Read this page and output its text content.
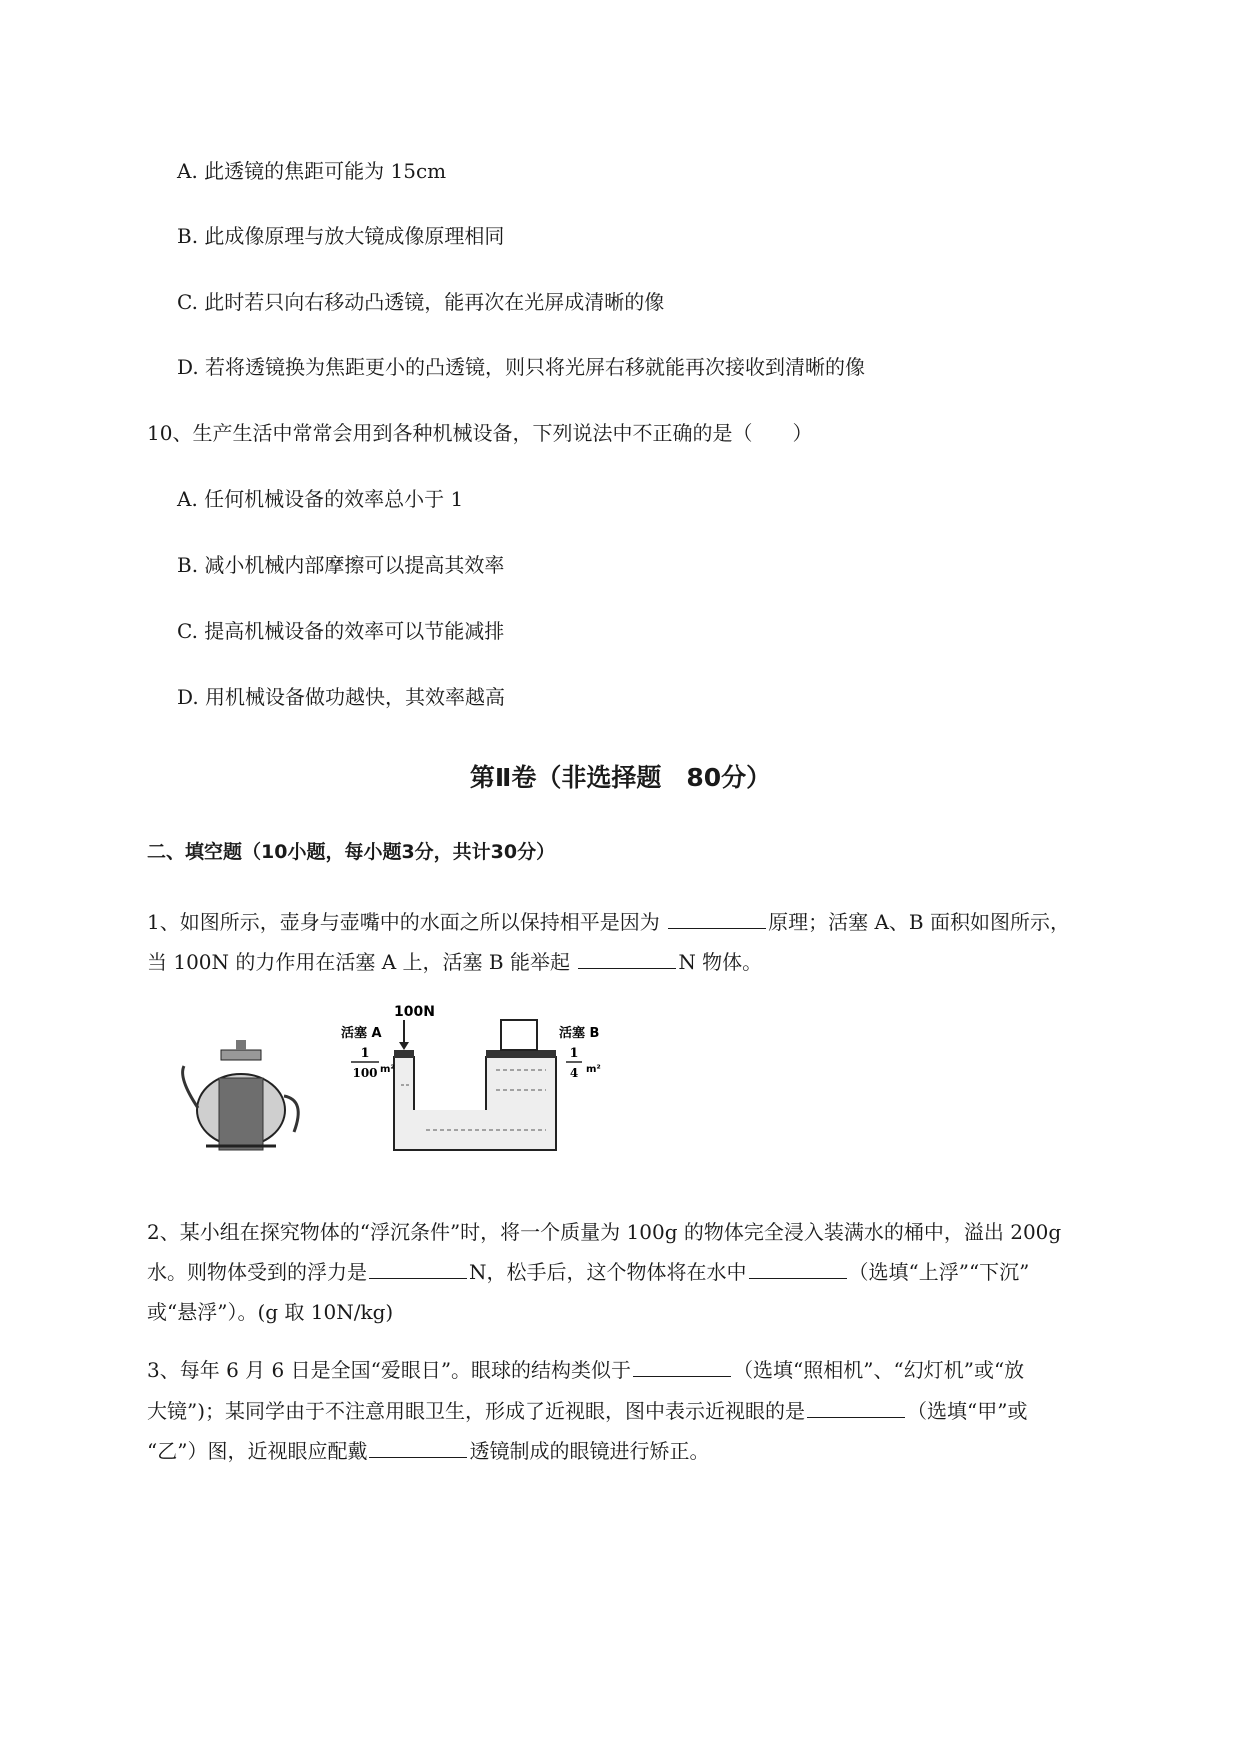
A. 此透镜的焦距可能为 15cm
B. 此成像原理与放大镜成像原理相同
C. 此时若只向右移动凸透镜，能再次在光屏成清晰的像
D. 若将透镜换为焦距更小的凸透镜，则只将光屏右移就能再次接收到清晰的像
10、生产生活中常常会用到各种机械设备，下列说法中不正确的是（　　）
A. 任何机械设备的效率总小于 1
B. 减小机械内部摩擦可以提高其效率
C. 提高机械设备的效率可以节能减排
D. 用机械设备做功越快，其效率越高
第Ⅱ卷（非选择题　80分）
二、填空题（10小题，每小题3分，共计30分）
1、如图所示，壶身与壶嘴中的水面之所以保持相平是因为	原理；活塞 A、B 面积如图所示，
当 100N 的力作用在活塞 A 上，活塞 B 能举起	N 物体。
100N
活塞 A	活塞 B
1
100 m²
1
4 m²
2、某小组在探究物体的“浮沉条件”时，将一个质量为 100g 的物体完全浸入装满水的桶中，溢出 200g
水。则物体受到的浮力是	N，松手后，这个物体将在水中	（选填“上浮”“下沉”
或“悬浮”）。(g 取 10N/kg)
3、每年 6 月 6 日是全国“爱眼日”。眼球的结构类似于	（选填“照相机”、“幻灯机”或“放
大镜”)；某同学由于不注意用眼卫生，形成了近视眼，图中表示近视眼的是	（选填“甲”或
“乙”）图，近视眼应配戴	透镜制成的眼镜进行矫正。
